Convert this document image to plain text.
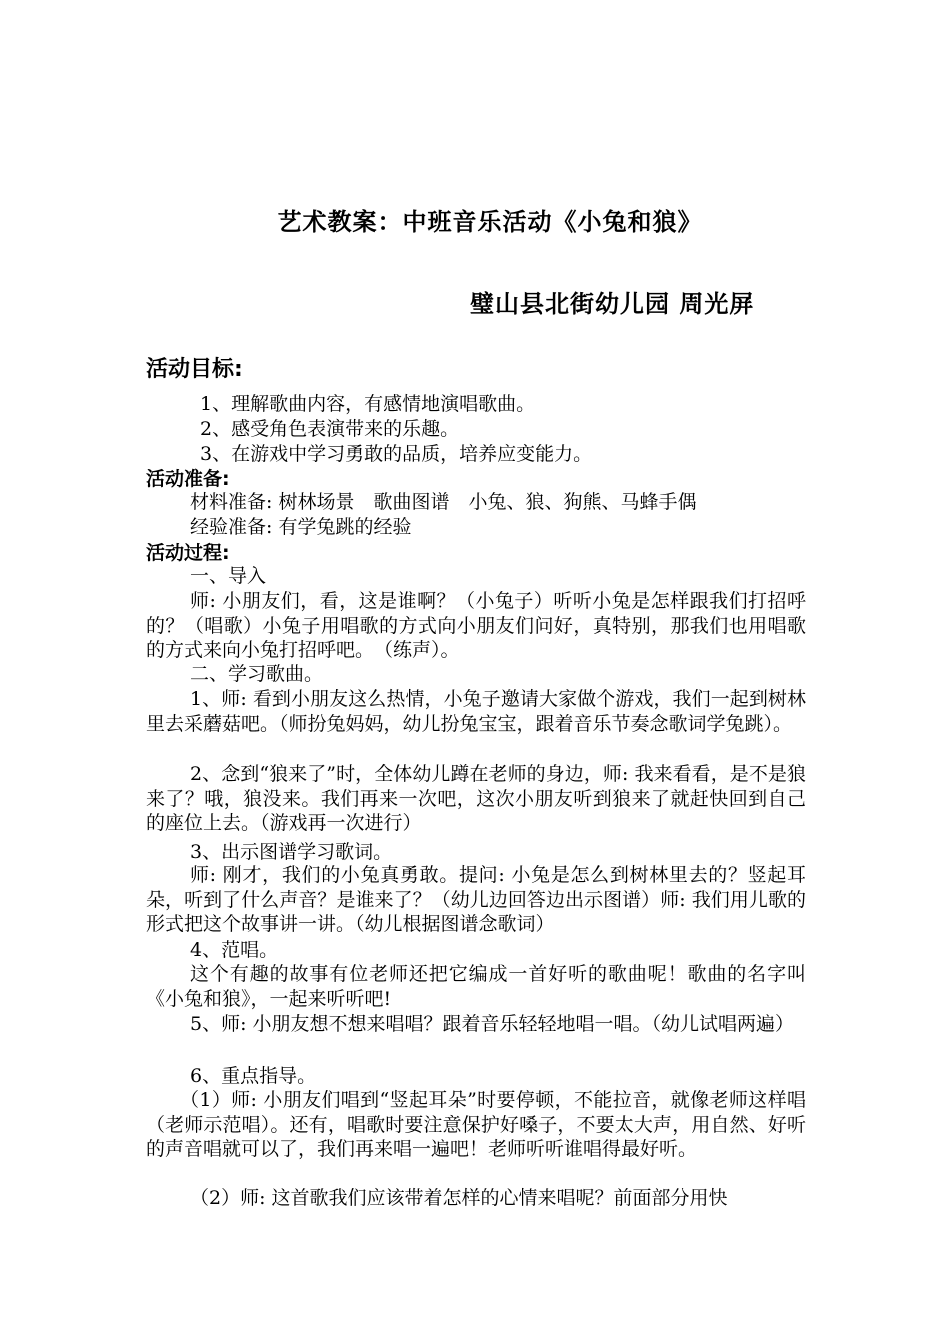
艺术教案：中班音乐活动《小兔和狼》
璧山县北街幼儿园 周光屏
活动目标:
1、理解歌曲内容，有感情地演唱歌曲。
2、感受角色表演带来的乐趣。
3、在游戏中学习勇敢的品质，培养应变能力。
活动准备:
材料准备: 树林场景　歌曲图谱　小兔、狼、狗熊、马蜂手偶
经验准备: 有学兔跳的经验
活动过程:
一、导入
师: 小朋友们，看，这是谁啊？（小兔子）听听小兔是怎样跟我们打招呼的？（唱歌）小兔子用唱歌的方式向小朋友们问好，真特别，那我们也用唱歌的方式来向小兔打招呼吧。　（练声）。
二、学习歌曲。
1、师: 看到小朋友这么热情，小兔子邀请大家做个游戏，我们一起到树林里去采蘑菇吧。（师扮兔妈妈，幼儿扮兔宝宝，跟着音乐节奏念歌词学兔跳）。
2、念到“狼来了”时，全体幼儿蹲在老师的身边，师: 我来看看，是不是狼来了？哦，狼没来。我们再来一次吧，这次小朋友听到狼来了就赶快回到自己的座位上去。（游戏再一次进行）
3、出示图谱学习歌词。
师: 刚才，我们的小兔真勇敢。提问: 小兔是怎么到树林里去的？竖起耳朵，听到了什么声音？是谁来了？（幼儿边回答边出示图谱）师: 我们用儿歌的形式把这个故事讲一讲。（幼儿根据图谱念歌词）
4、范唱。
这个有趣的故事有位老师还把它编成一首好听的歌曲呢！歌曲的名字叫《小兔和狼》，一起来听听吧!
5、师: 小朋友想不想来唱唱？跟着音乐轻轻地唱一唱。（幼儿试唱两遍）
6、重点指导。
（1）师: 小朋友们唱到“竖起耳朵”时要停顿，不能拉音，就像老师这样唱（老师示范唱）。还有，唱歌时要注意保护好嗓子，不要太大声，用自然、好听的声音唱就可以了，我们再来唱一遍吧！老师听听谁唱得最好听。
（2）师: 这首歌我们应该带着怎样的心情来唱呢？前面部分用快
